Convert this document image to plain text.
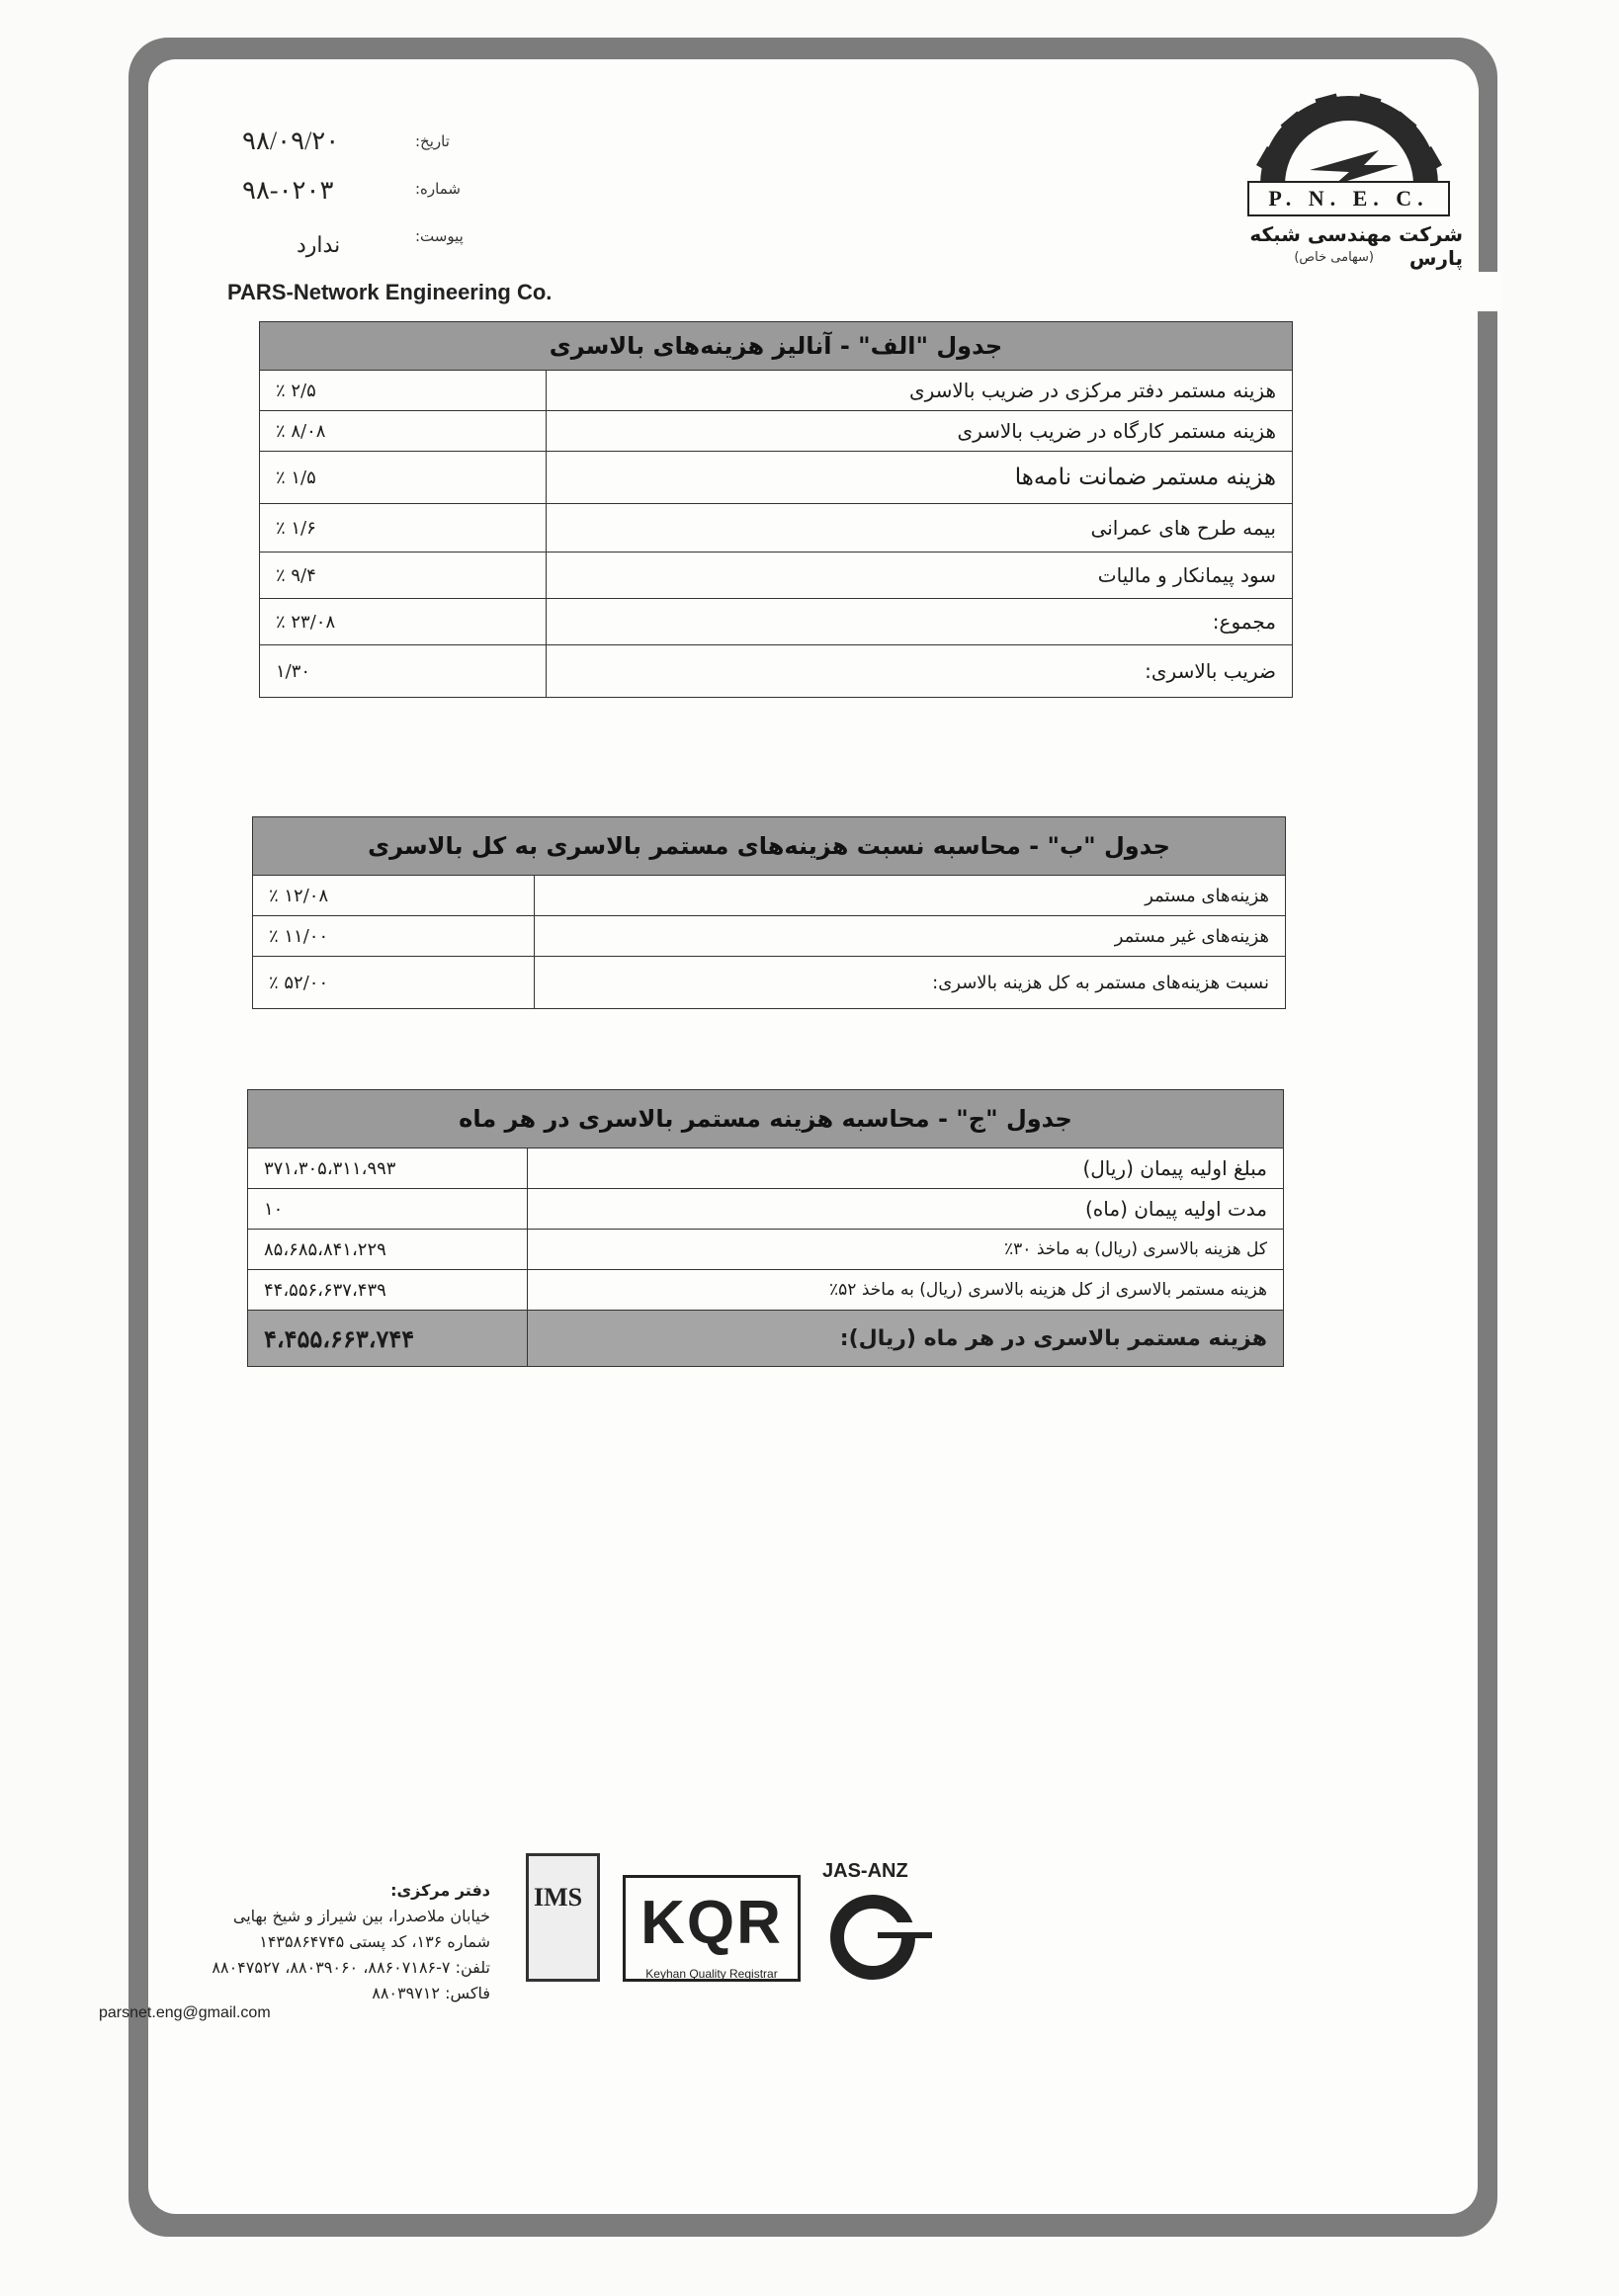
PARS-Network Engineering Co.
P. N. E. C.
شرکت مهندسی شبکه پارس
(سهامی خاص)
تاریخ:
۹۸/۰۹/۲۰
شماره:
۹۸-۰۲۰۳
پیوست:
ندارد
جدول "الف" - آنالیز هزینه‌های بالاسری	
هزینه مستمر دفتر مرکزی در ضریب بالاسری	۲/۵ ٪
هزینه مستمر کارگاه در ضریب بالاسری	۸/۰۸ ٪
هزینه مستمر ضمانت نامه‌ها	۱/۵ ٪
بیمه طرح های عمرانی	۱/۶ ٪
سود پیمانکار و مالیات	۹/۴ ٪
مجموع:	۲۳/۰۸ ٪
ضریب بالاسری:	۱/۳۰
جدول "ب" - محاسبه نسبت هزینه‌های مستمر بالاسری به کل بالاسری	
هزینه‌های مستمر	۱۲/۰۸ ٪
هزینه‌های غیر مستمر	۱۱/۰۰ ٪
نسبت هزینه‌های مستمر به کل هزینه بالاسری:	۵۲/۰۰ ٪
جدول "ج" - محاسبه هزینه مستمر بالاسری در هر ماه	
مبلغ اولیه پیمان (ریال)	۳۷۱،۳۰۵،۳۱۱،۹۹۳
مدت اولیه پیمان (ماه)	۱۰
کل هزینه بالاسری (ریال) به ماخذ ۳۰٪	۸۵،۶۸۵،۸۴۱،۲۲۹
هزینه مستمر بالاسری از کل هزینه بالاسری (ریال) به ماخذ ۵۲٪	۴۴،۵۵۶،۶۳۷،۴۳۹
هزینه مستمر بالاسری در هر ماه (ریال):	۴،۴۵۵،۶۶۳،۷۴۴
دفتر مرکزی:
خیابان ملاصدرا، بین شیراز و شیخ بهایی
شماره ۱۳۶، کد پستی ۱۴۳۵۸۶۴۷۴۵
تلفن: ۷-۸۸۶۰۷۱۸۶، ۸۸۰۳۹۰۶۰، ۸۸۰۴۷۵۲۷
فاکس: ۸۸۰۳۹۷۱۲
parsnet.eng@gmail.com
IMS KQR
Keyhan Quality Registrar
JAS-ANZ
